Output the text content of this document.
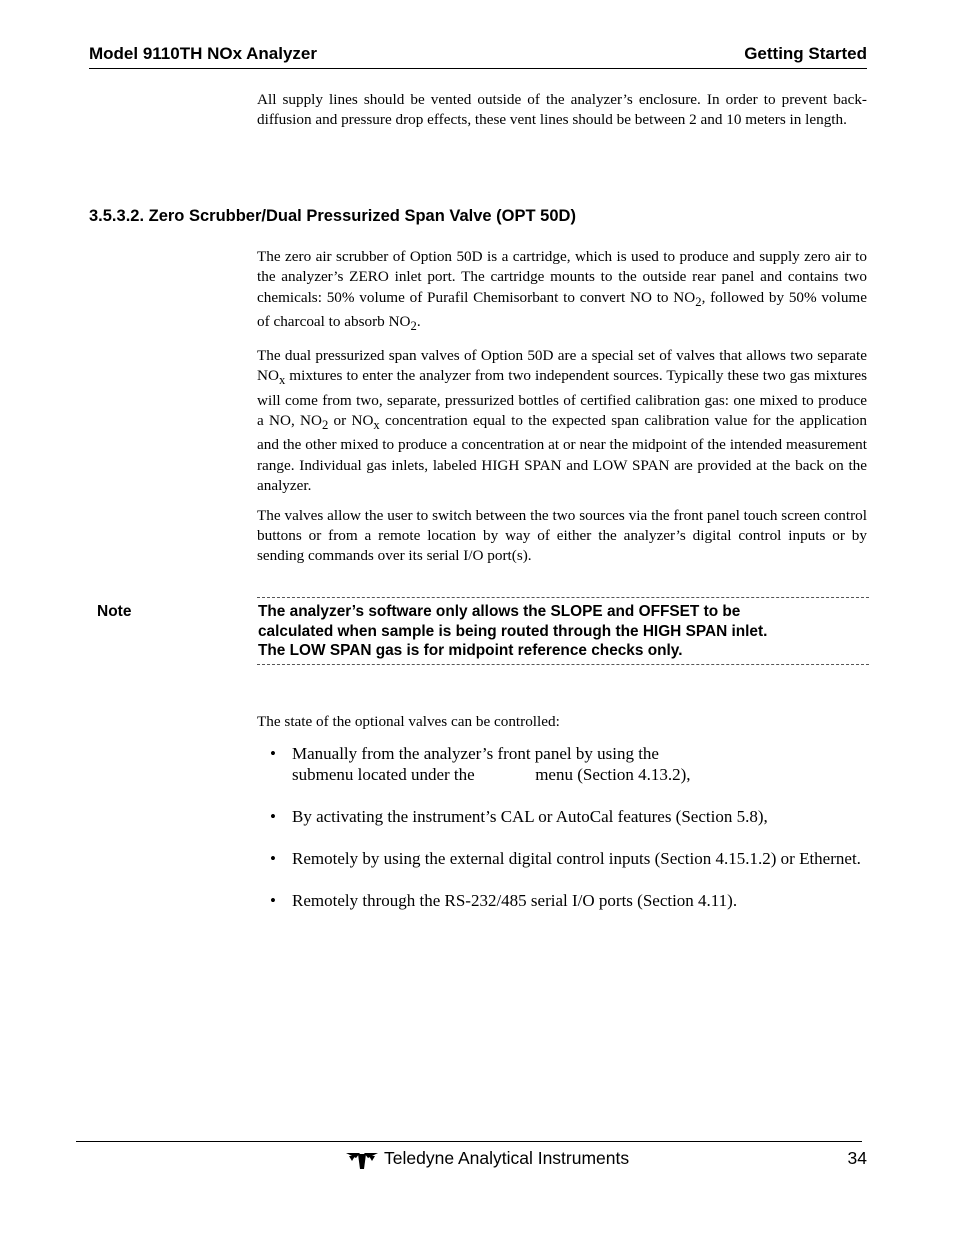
Model 9110TH NOx Analyzer	Getting Started

All supply lines should be vented outside of the analyzer’s enclosure. In order to prevent back-diffusion and pressure drop effects, these vent lines should be between 2 and 10 meters in length.

3.5.3.2. Zero Scrubber/Dual Pressurized Span Valve (OPT 50D)

The zero air scrubber of Option 50D is a cartridge, which is used to produce and supply zero air to the analyzer’s ZERO inlet port. The cartridge mounts to the outside rear panel and contains two chemicals: 50% volume of Purafil Chemisorbant to convert NO to $NO_2$, followed by 50% volume of charcoal to absorb $NO_2$.

The dual pressurized span valves of Option 50D are a special set of valves that allows two separate $NO_x$ mixtures to enter the analyzer from two independent sources. Typically these two gas mixtures will come from two, separate, pressurized bottles of certified calibration gas: one mixed to produce a NO, $NO_2$ or $NO_x$ concentration equal to the expected span calibration value for the application and the other mixed to produce a concentration at or near the midpoint of the intended measurement range. Individual gas inlets, labeled HIGH SPAN and LOW SPAN are provided at the back on the analyzer.

The valves allow the user to switch between the two sources via the front panel touch screen control buttons or from a remote location by way of either the analyzer’s digital control inputs or by sending commands over its serial I/O port(s).

Note	The analyzer’s software only allows the SLOPE and OFFSET to be
calculated when sample is being routed through the HIGH SPAN inlet.
The LOW SPAN gas is for midpoint reference checks only.
The state of the optional valves can be controlled:
• Manually from the analyzer’s front panel by using the
submenu located under the	menu (Section 4.13.2),
• By activating the instrument’s CAL or AutoCal features (Section 5.8),
• Remotely by using the external digital control inputs (Section 4.15.1.2) or Ethernet.
• Remotely through the RS-232/485 serial I/O ports (Section 4.11).
Teledyne Analytical Instruments	34
